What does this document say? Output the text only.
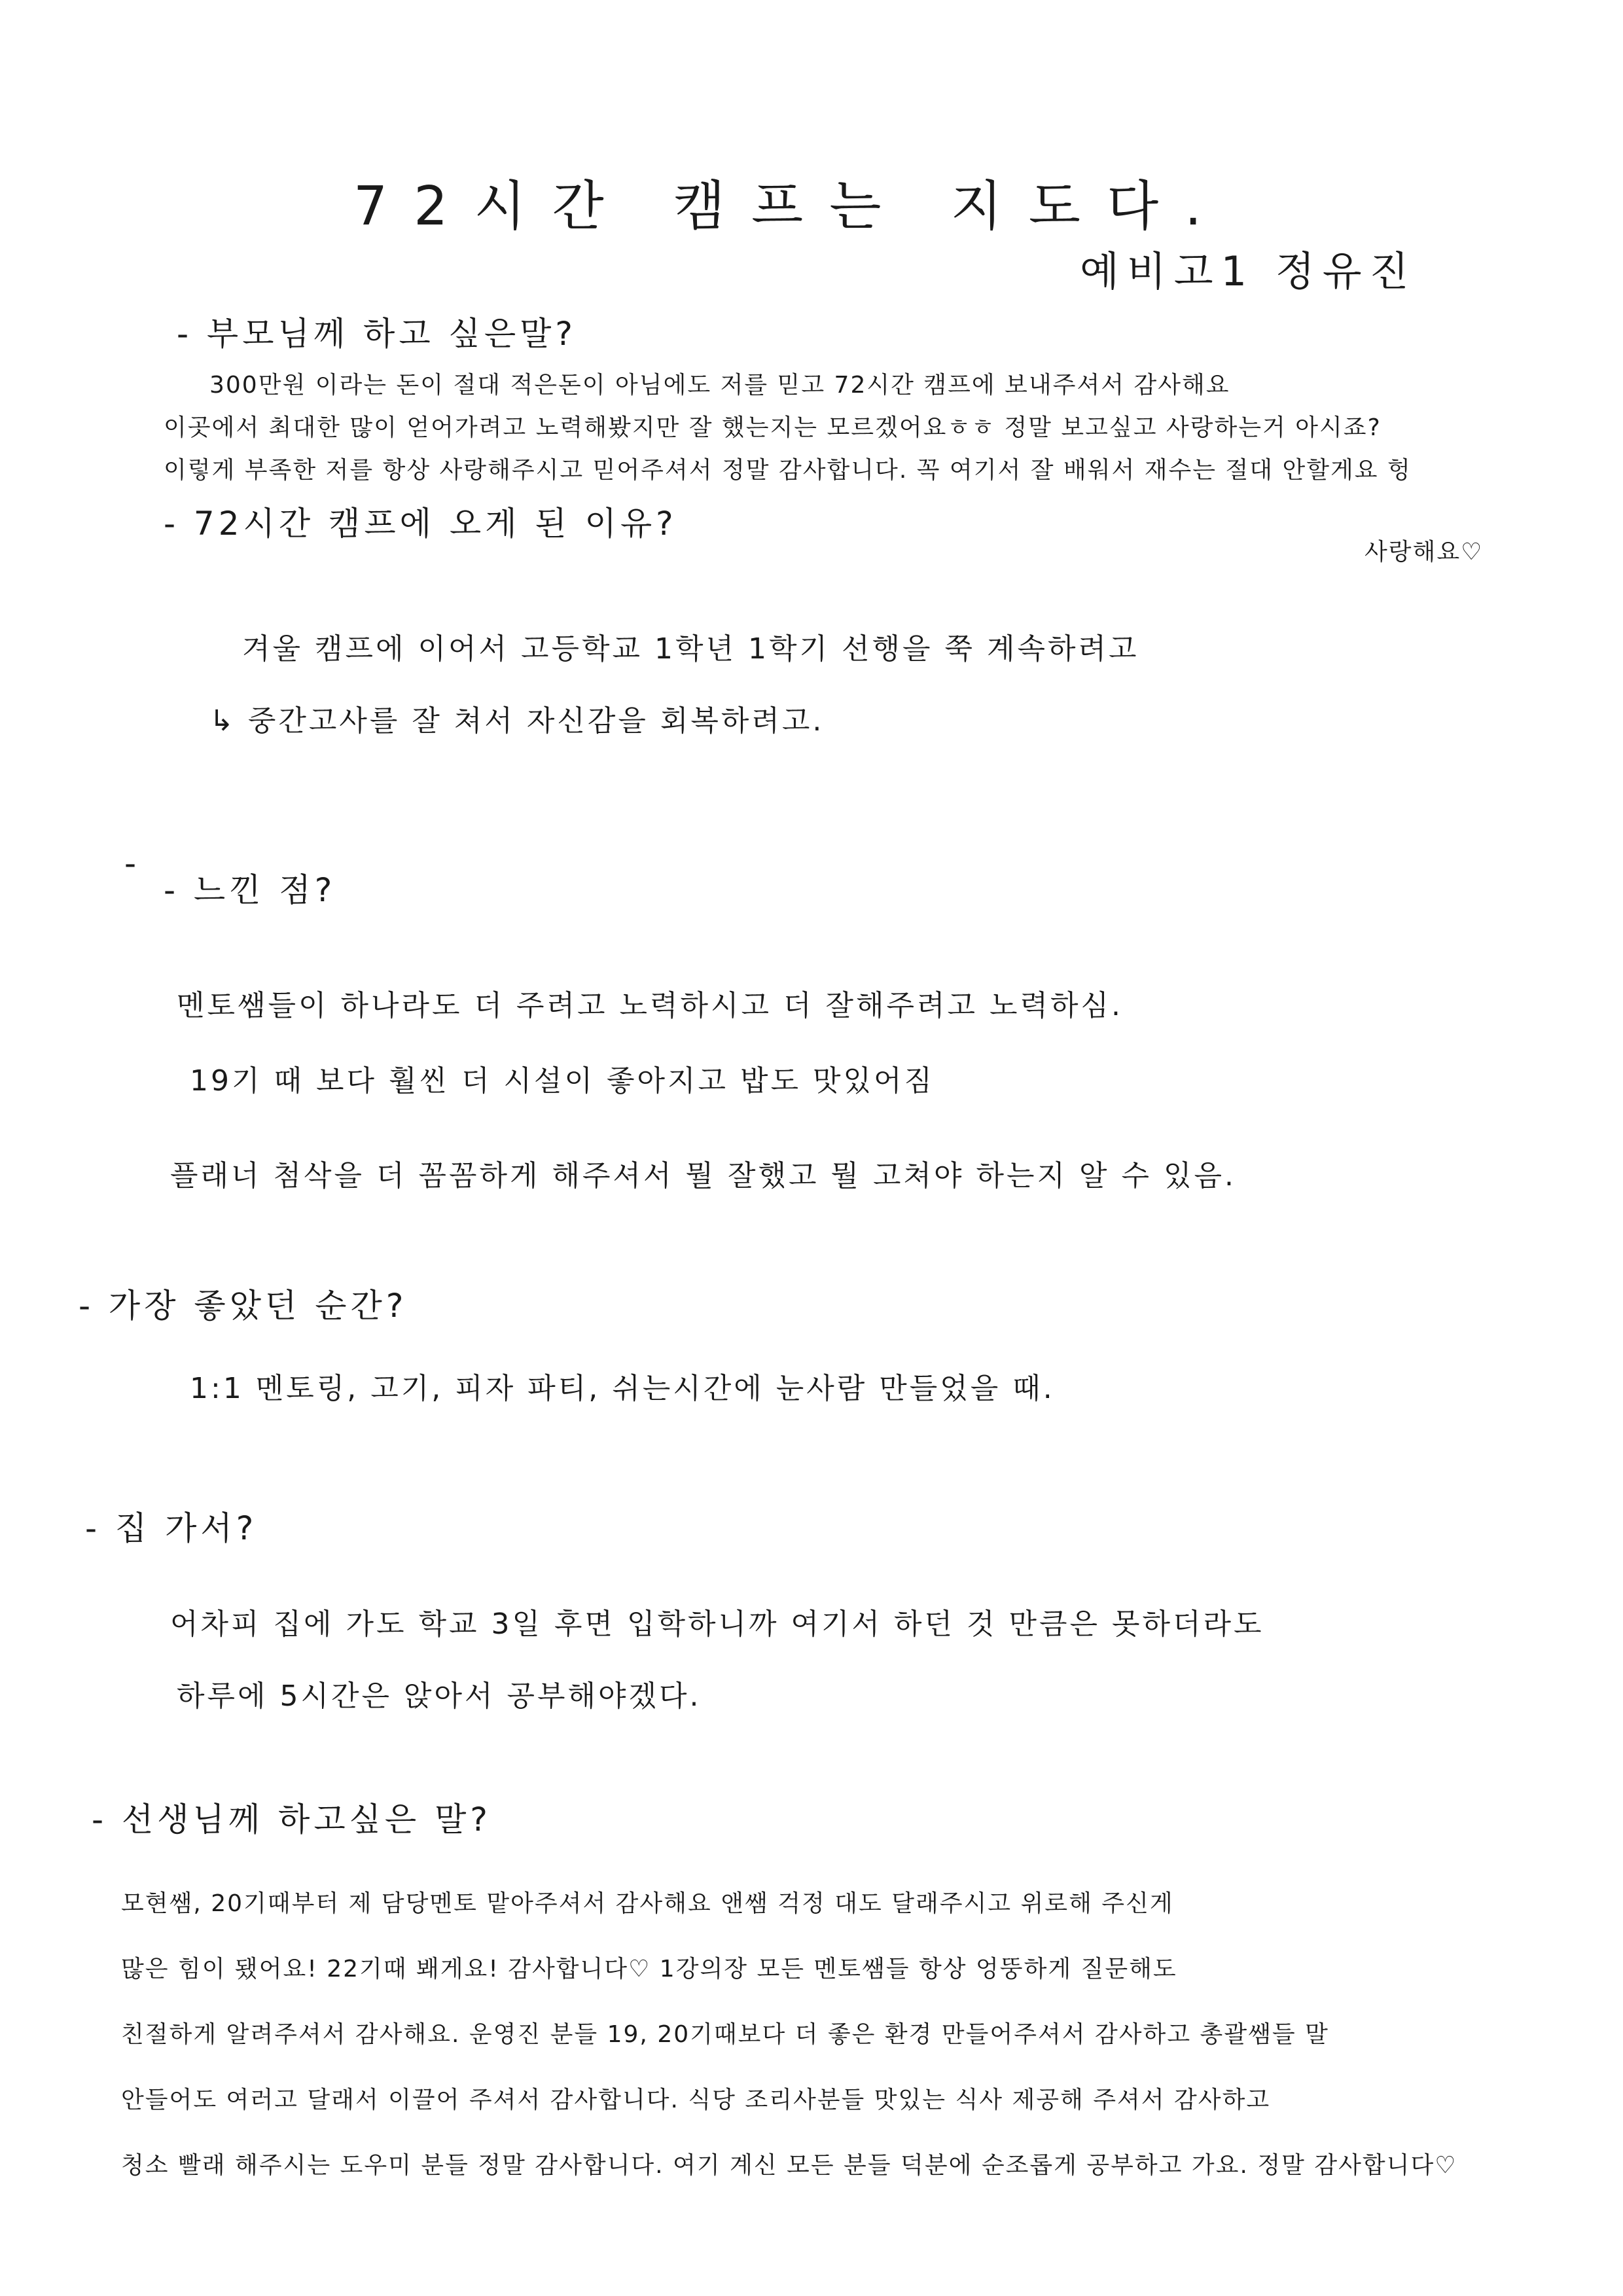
72시간 캠프는 지도다.
예비고1 정유진
- 부모님께 하고 싶은말?
300만원 이라는 돈이 절대 적은돈이 아님에도 저를 믿고 72시간 캠프에 보내주셔서 감사해요
이곳에서 최대한 많이 얻어가려고 노력해봤지만 잘 했는지는 모르겠어요ㅎㅎ 정말 보고싶고 사랑하는거 아시죠?
이렇게 부족한 저를 항상 사랑해주시고 믿어주셔서 정말 감사합니다. 꼭 여기서 잘 배워서 재수는 절대 안할게요 헝
사랑해요♡
- 72시간 캠프에 오게 된 이유?
겨울 캠프에 이어서 고등학교 1학년 1학기 선행을 쭉 계속하려고
↳ 중간고사를 잘 쳐서 자신감을 회복하려고.
-
- 느낀 점?
멘토쌤들이 하나라도 더 주려고 노력하시고 더 잘해주려고 노력하심.
19기 때 보다 훨씬 더 시설이 좋아지고 밥도 맛있어짐
플래너 첨삭을 더 꼼꼼하게 해주셔서 뭘 잘했고 뭘 고쳐야 하는지 알 수 있음.
- 가장 좋았던 순간?
1:1 멘토링, 고기, 피자 파티, 쉬는시간에 눈사람 만들었을 때.
- 집 가서?
어차피 집에 가도 학교 3일 후면 입학하니까 여기서 하던 것 만큼은 못하더라도
하루에 5시간은 앉아서 공부해야겠다.
- 선생님께 하고싶은 말?
모현쌤, 20기때부터 제 담당멘토 맡아주셔서 감사해요 앤쌤 걱정 대도 달래주시고 위로해 주신게
많은 힘이 됐어요! 22기때 봬게요! 감사합니다♡ 1강의장 모든 멘토쌤들 항상 엉뚱하게 질문해도
친절하게 알려주셔서 감사해요. 운영진 분들 19, 20기때보다 더 좋은 환경 만들어주셔서 감사하고 총괄쌤들 말
안들어도 여러고 달래서 이끌어 주셔서 감사합니다. 식당 조리사분들 맛있는 식사 제공해 주셔서 감사하고
청소 빨래 해주시는 도우미 분들 정말 감사합니다. 여기 계신 모든 분들 덕분에 순조롭게 공부하고 가요. 정말 감사합니다♡
